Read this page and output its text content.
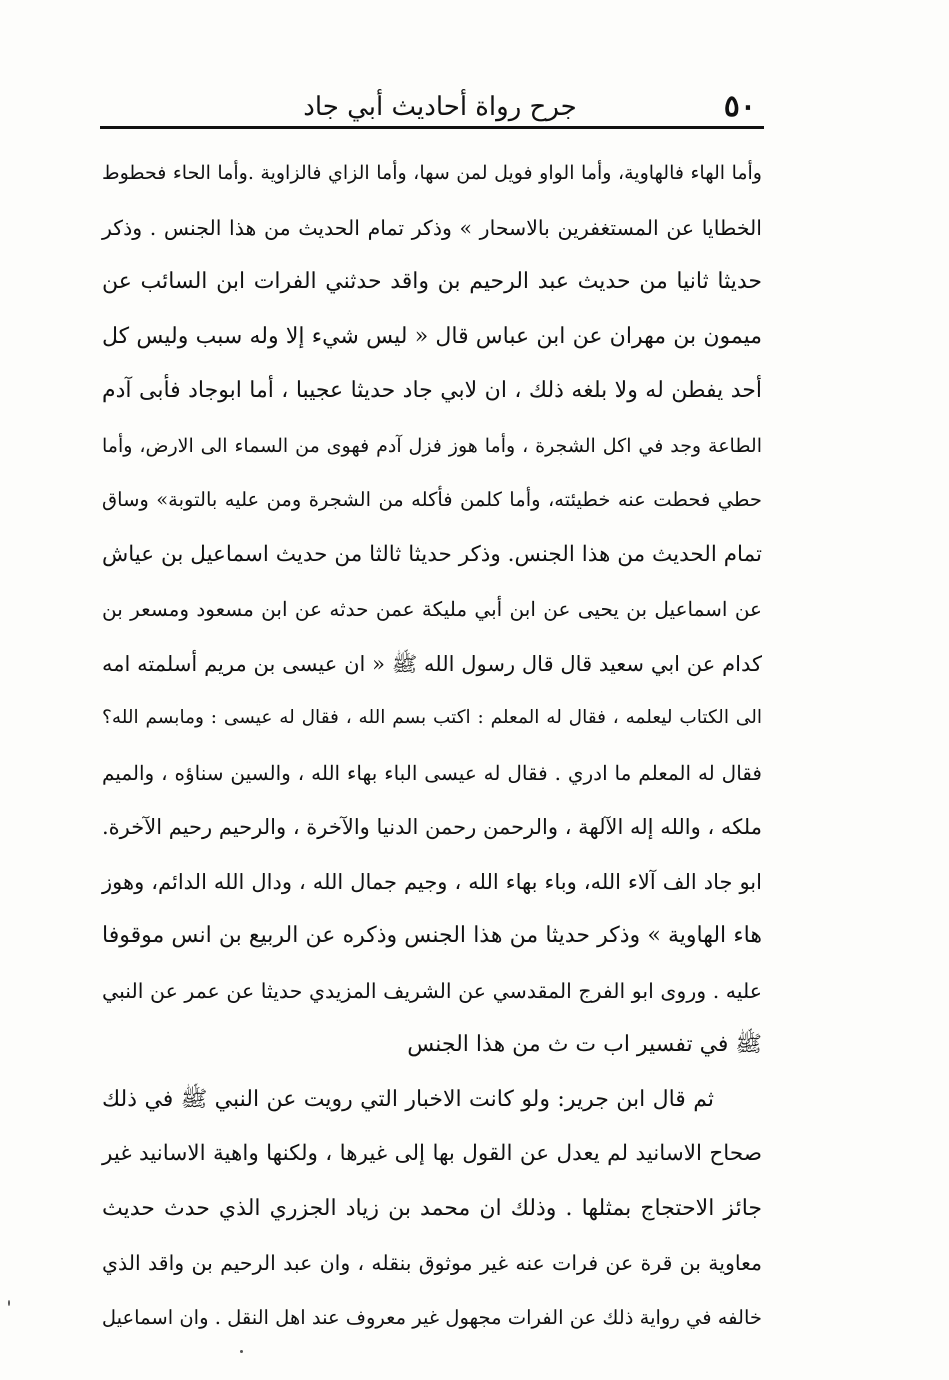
جرح رواة أحاديث أبي جاد	٥٠
وأما الهاء فالهاوية، وأما الواو فويل لمن سها، وأما الزاي فالزاوية .وأما الحاء فحطوط
الخطايا عن المستغفرين بالاسحار » وذكر تمام الحديث من هذا الجنس . وذكر
حديثا ثانيا من حديث عبد الرحيم بن واقد حدثني الفرات ابن السائب عن
ميمون بن مهران عن ابن عباس قال « ليس شيء إلا وله سبب وليس كل
أحد يفطن له ولا بلغه ذلك ، ان لابي جاد حديثا عجيبا ، أما ابوجاد فأبى آدم
الطاعة وجد في اكل الشجرة ، وأما هوز فزل آدم فهوى من السماء الى الارض، وأما
حطي فحطت عنه خطيئته، وأما كلمن فأكله من الشجرة ومن عليه بالتوبة» وساق
تمام الحديث من هذا الجنس. وذكر حديثا ثالثا من حديث اسماعيل بن عياش
عن اسماعيل بن يحيى عن ابن أبي مليكة عمن حدثه عن ابن مسعود ومسعر بن
كدام عن ابي سعيد قال قال رسول الله ﷺ « ان عيسى بن مريم أسلمته امه
الى الكتاب ليعلمه ، فقال له المعلم : اكتب بسم الله ، فقال له عيسى : ومابسم الله؟
فقال له المعلم ما ادري . فقال له عيسى الباء بهاء الله ، والسين سناؤه ، والميم
ملكه ، والله إله الآلهة ، والرحمن رحمن الدنيا والآخرة ، والرحيم رحيم الآخرة.
ابو جاد الف آلاء الله، وباء بهاء الله ، وجيم جمال الله ، ودال الله الدائم، وهوز
هاء الهاوية » وذكر حديثا من هذا الجنس وذكره عن الربيع بن انس موقوفا
عليه . وروى ابو الفرج المقدسي عن الشريف المزيدي حديثا عن عمر عن النبي
ﷺ في تفسير اب ت ث من هذا الجنس
ثم قال ابن جرير: ولو كانت الاخبار التي رويت عن النبي ﷺ في ذلك
صحاح الاسانيد لم يعدل عن القول بها إلى غيرها ، ولكنها واهية الاسانيد غير
جائز الاحتجاج بمثلها . وذلك ان محمد بن زياد الجزري الذي حدث حديث
معاوية بن قرة عن فرات عنه غير موثوق بنقله ، وان عبد الرحيم بن واقد الذي
خالفه في رواية ذلك عن الفرات مجهول غير معروف عند اهل النقل . وان اسماعيل
